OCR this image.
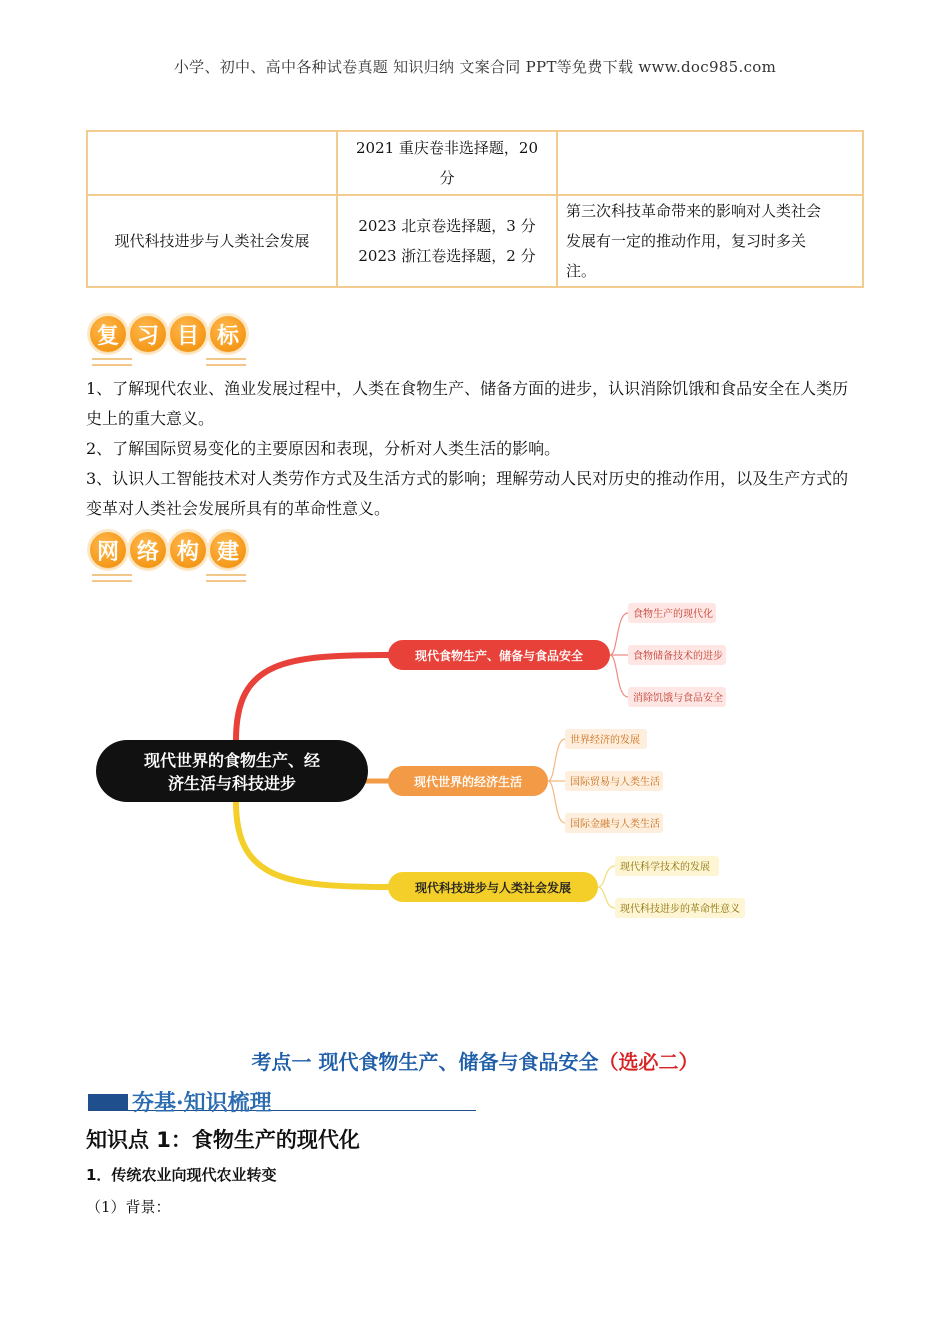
小学、初中、高中各种试卷真题 知识归纳 文案合同 PPT等免费下载 www.doc985.com

	2021 重庆卷非选择题，20
分	

现代科技进步与人类社会发展	2023 北京卷选择题，3 分
2023 浙江卷选择题，2 分	第三次科技革命带来的影响对人类社会
发展有一定的推动作用，复习时多关
注。
复 习 目 标
1、了解现代农业、渔业发展过程中，人类在食物生产、储备方面的进步，认识消除饥饿和食品安全在人类历史上的重大意义。
2、了解国际贸易变化的主要原因和表现，分析对人类生活的影响。
3、认识人工智能技术对人类劳作方式及生活方式的影响；理解劳动人民对历史的推动作用，以及生产方式的变革对人类社会发展所具有的革命性意义。
网 络 构 建
现代世界的食物生产、经
济生活与科技进步
现代食物生产、储备与食品安全
食物生产的现代化
食物储备技术的进步
消除饥饿与食品安全
现代世界的经济生活
世界经济的发展
国际贸易与人类生活
国际金融与人类生活
现代科技进步与人类社会发展
现代科学技术的发展
现代科技进步的革命性意义
考点一 现代食物生产、储备与食品安全（选必二）
夯基·知识梳理
知识点 1：食物生产的现代化
1．传统农业向现代农业转变
（1）背景：
